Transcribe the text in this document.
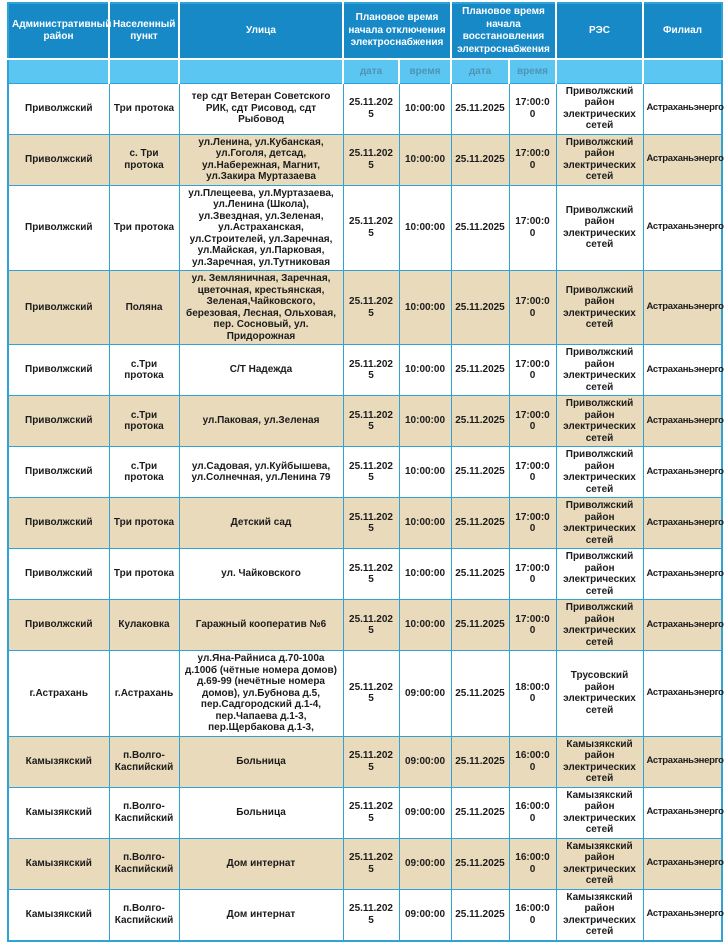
Административный район	Населенный пункт	Улица	Плановое время начала отключения электроснабжения		Плановое время начала восстановления электроснабжения		РЭС	Филиал
			дата	время	дата	время		
Приволжский	Три протока	тер сдт Ветеран Советского РИК, сдт Рисовод, сдт Рыбовод	25.11.2025	10:00:00	25.11.2025	17:00:00	Приволжский район электрических сетей	Астраханьэнерго
Приволжский	с. Три протока	ул.Ленина, ул.Кубанская, ул.Гоголя, детсад, ул.Набережная, Магнит, ул.Закира Муртазаева	25.11.2025	10:00:00	25.11.2025	17:00:00	Приволжский район электрических сетей	Астраханьэнерго
Приволжский	Три протока	ул.Плещеева, ул.Муртазаева, ул.Ленина (Школа), ул.Звездная, ул.Зеленая, ул.Астраханская, ул.Строителей, ул.Заречная, ул.Майская, ул.Парковая, ул.Заречная, ул.Тутниковая	25.11.2025	10:00:00	25.11.2025	17:00:00	Приволжский район электрических сетей	Астраханьэнерго
Приволжский	Поляна	ул. Земляничная, Заречная, цветочная, крестьянская, Зеленая,Чайковского, березовая, Лесная, Ольховая, пер. Сосновый, ул. Придорожная	25.11.2025	10:00:00	25.11.2025	17:00:00	Приволжский район электрических сетей	Астраханьэнерго
Приволжский	с.Три протока	С/Т Надежда	25.11.2025	10:00:00	25.11.2025	17:00:00	Приволжский район электрических сетей	Астраханьэнерго
Приволжский	с.Три протока	ул.Паковая, ул.Зеленая	25.11.2025	10:00:00	25.11.2025	17:00:00	Приволжский район электрических сетей	Астраханьэнерго
Приволжский	с.Три протока	ул.Садовая, ул.Куйбышева, ул.Солнечная, ул.Ленина 79	25.11.2025	10:00:00	25.11.2025	17:00:00	Приволжский район электрических сетей	Астраханьэнерго
Приволжский	Три протока	Детский сад	25.11.2025	10:00:00	25.11.2025	17:00:00	Приволжский район электрических сетей	Астраханьэнерго
Приволжский	Три протока	ул. Чайковского	25.11.2025	10:00:00	25.11.2025	17:00:00	Приволжский район электрических сетей	Астраханьэнерго
Приволжский	Кулаковка	Гаражный кооператив №6	25.11.2025	10:00:00	25.11.2025	17:00:00	Приволжский район электрических сетей	Астраханьэнерго
г.Астрахань	г.Астрахань	ул.Яна-Райниса д.70-100а д.100б (чётные номера домов) д.69-99 (нечётные номера домов), ул.Бубнова д.5, пер.Садгородский д.1-4, пер.Чапаева д.1-3, пер.Щербакова д.1-3,	25.11.2025	09:00:00	25.11.2025	18:00:00	Трусовский район электрических сетей	Астраханьэнерго
Камызякский	п.Волго-Каспийский	Больница	25.11.2025	09:00:00	25.11.2025	16:00:00	Камызякский район электрических сетей	Астраханьэнерго
Камызякский	п.Волго-Каспийский	Больница	25.11.2025	09:00:00	25.11.2025	16:00:00	Камызякский район электрических сетей	Астраханьэнерго
Камызякский	п.Волго-Каспийский	Дом интернат	25.11.2025	09:00:00	25.11.2025	16:00:00	Камызякский район электрических сетей	Астраханьэнерго
Камызякский	п.Волго-Каспийский	Дом интернат	25.11.2025	09:00:00	25.11.2025	16:00:00	Камызякский район электрических сетей	Астраханьэнерго
